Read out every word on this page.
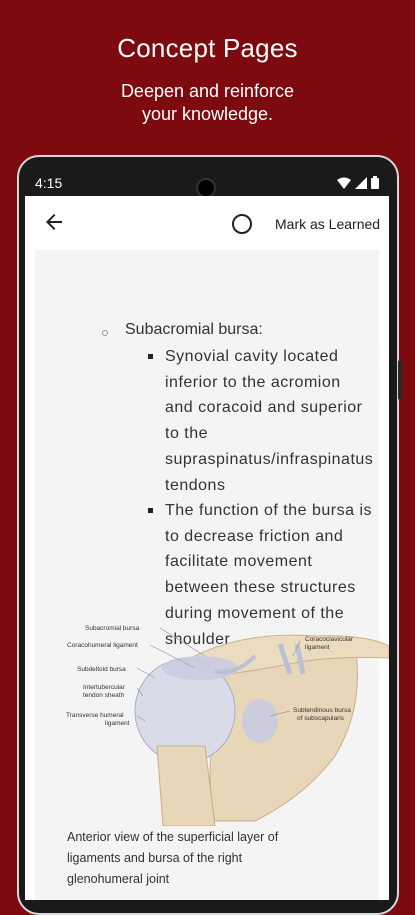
Concept Pages
Deepen and reinforce
your knowledge.
4:15
Mark as Learned
Subacromial bursa:
Synovial cavity located
inferior to the acromion
and coracoid and superior
to the
supraspinatus/infraspinatus
tendons
The function of the bursa is
to decrease friction and
facilitate movement
between these structures
during movement of the
shoulder.
Subacromial bursa
Coracohumeral ligament
Subdeltoid bursa
Intertubercular
tendon sheath
Transverse humeral
ligament
Coracoclavicular
ligament
Subtendinous bursa
of subscapularis
Anterior view of the superficial layer of
ligaments and bursa of the right
glenohumeral joint
